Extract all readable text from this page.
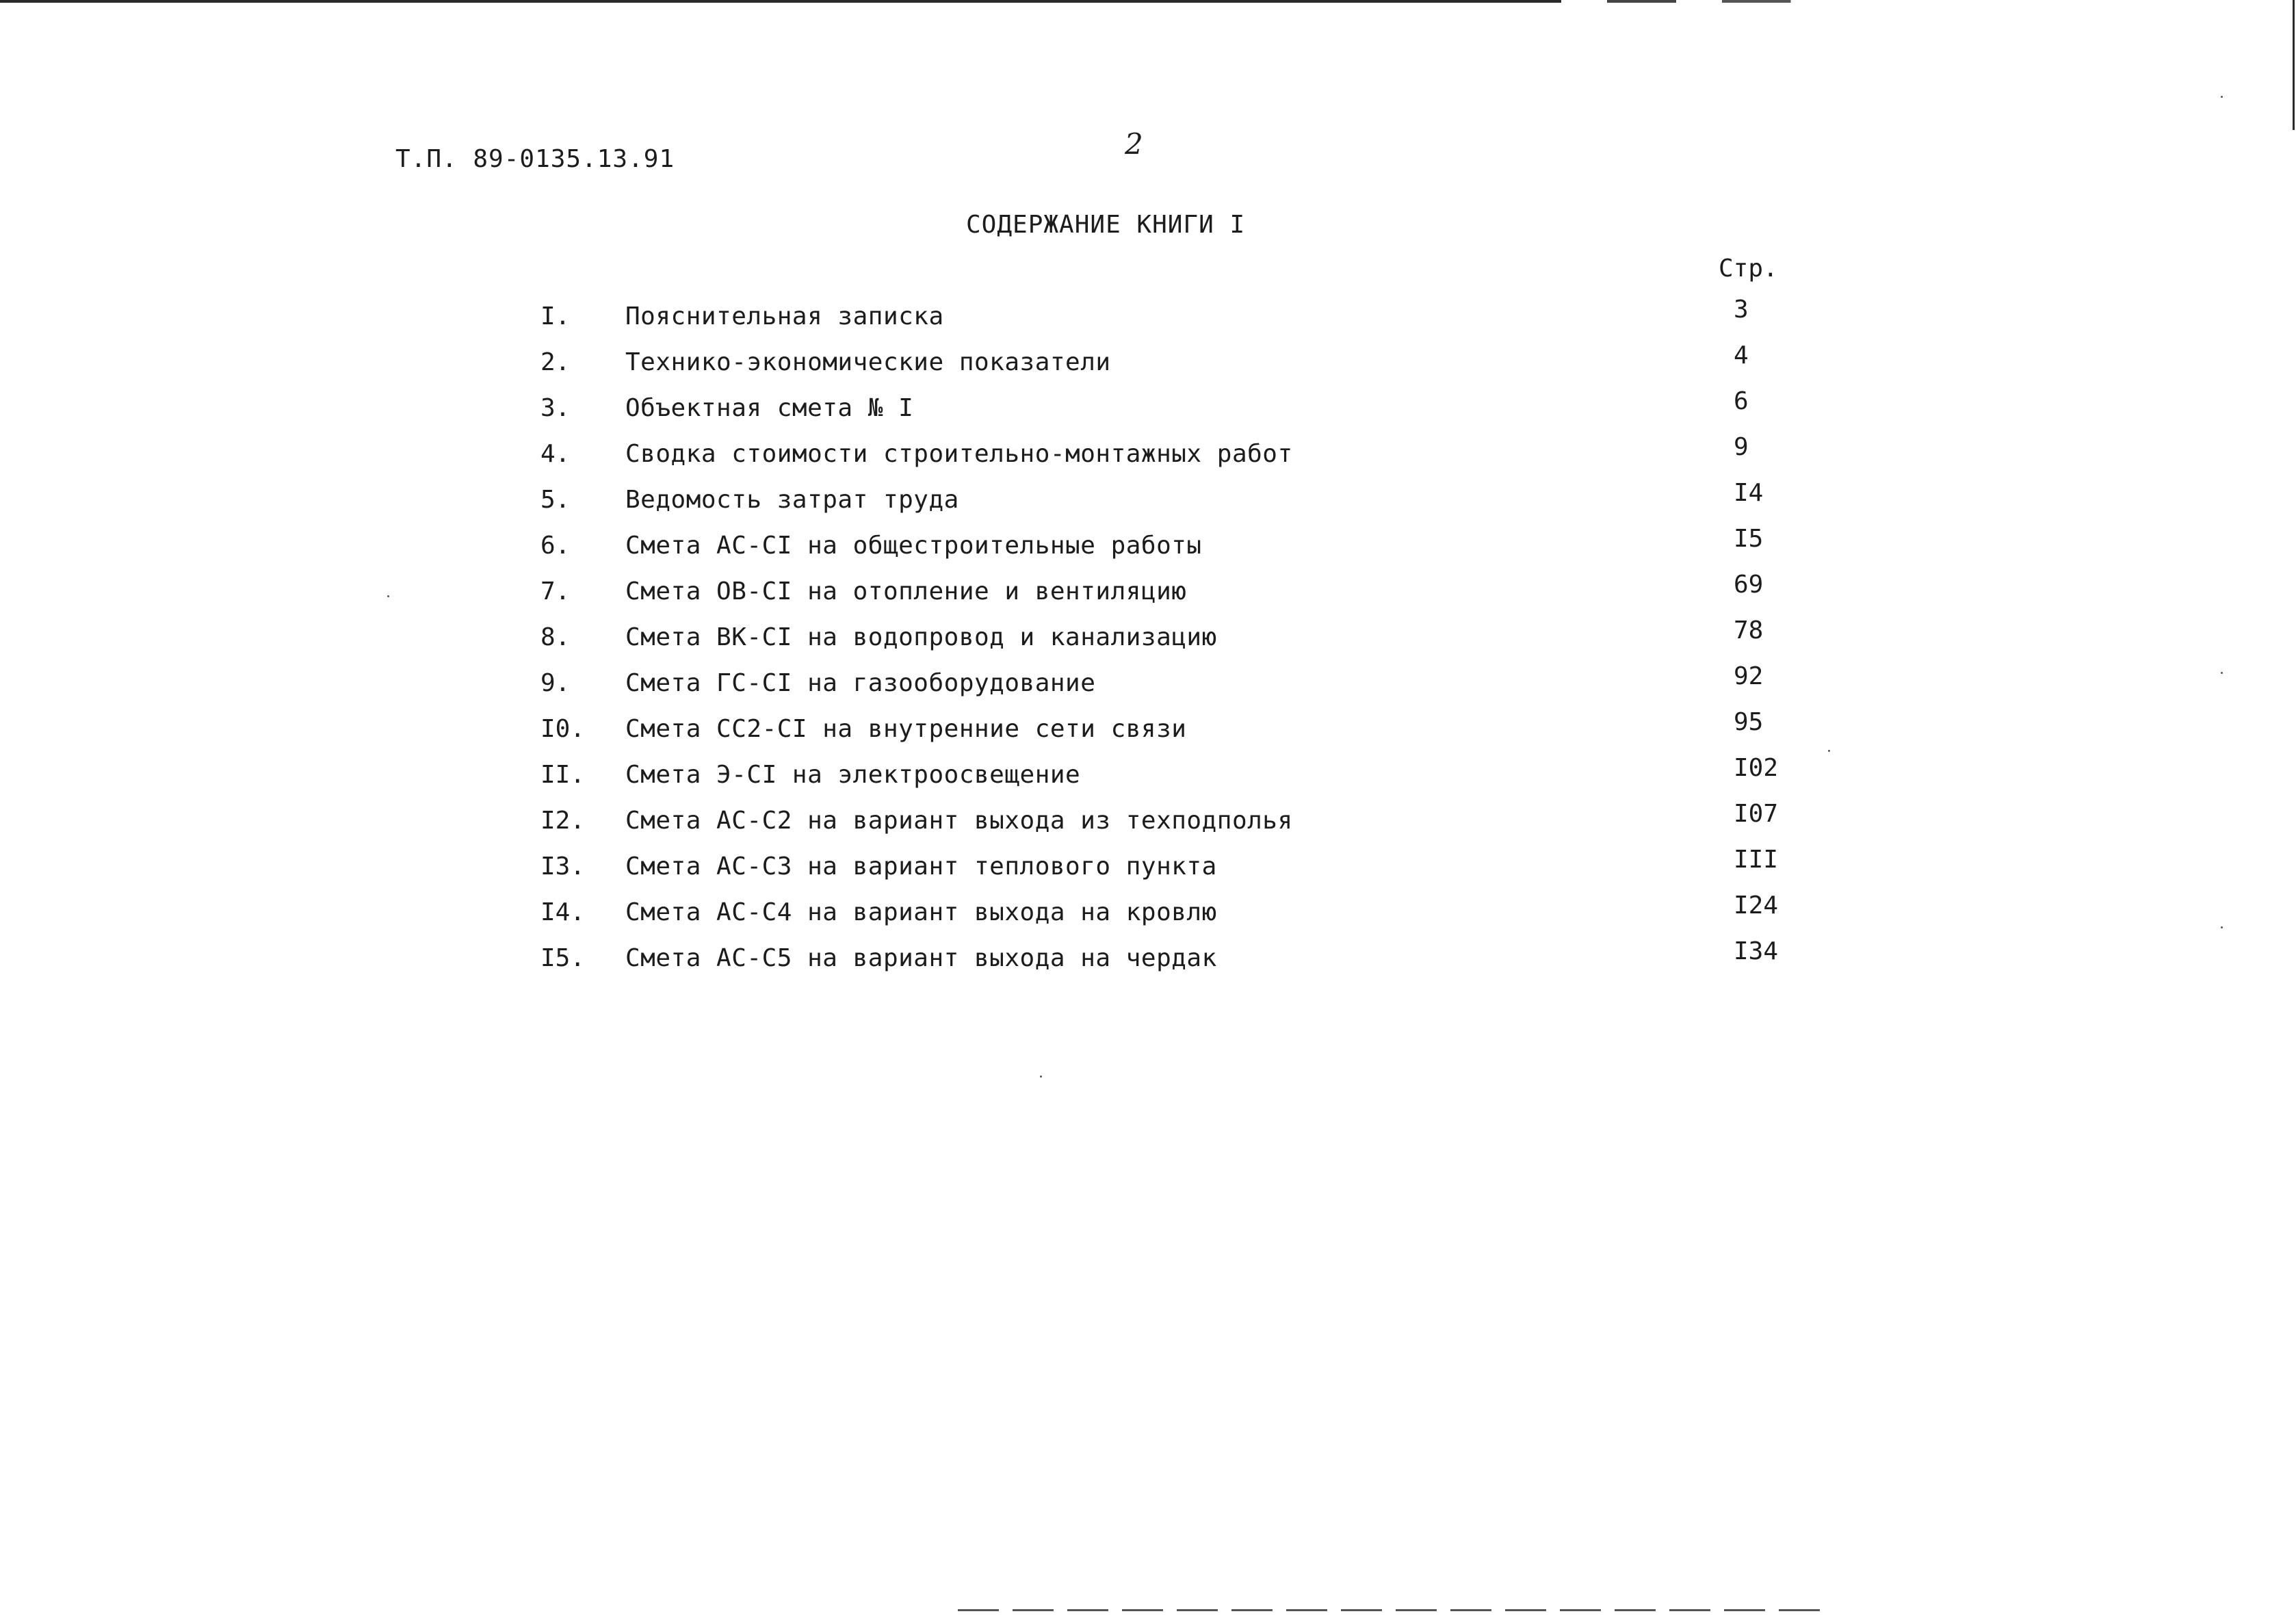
Т.П. 89-0135.13.91	2
СОДЕРЖАНИЕ КНИГИ I
Стр.
I. Пояснительная записка	3
2. Технико-экономические показатели	4
3. Объектная смета № I	6
4. Сводка стоимости строительно-монтажных работ	9
5. Ведомость затрат труда	I4
6. Смета АС-СI на общестроительные работы	I5
7. Смета ОВ-СI на отопление и вентиляцию	69
8. Смета ВК-СI на водопровод и канализацию	78
9. Смета ГС-СI на газооборудование	92
I0. Смета СС2-СI на внутренние сети связи	95
II. Смета Э-СI на электроосвещение	I02
I2. Смета АС-С2 на вариант выхода из техподполья	I07
I3. Смета АС-С3 на вариант теплового пункта	III
I4. Смета АС-С4 на вариант выхода на кровлю	I24
I5. Смета АС-С5 на вариант выхода на чердак	I34
